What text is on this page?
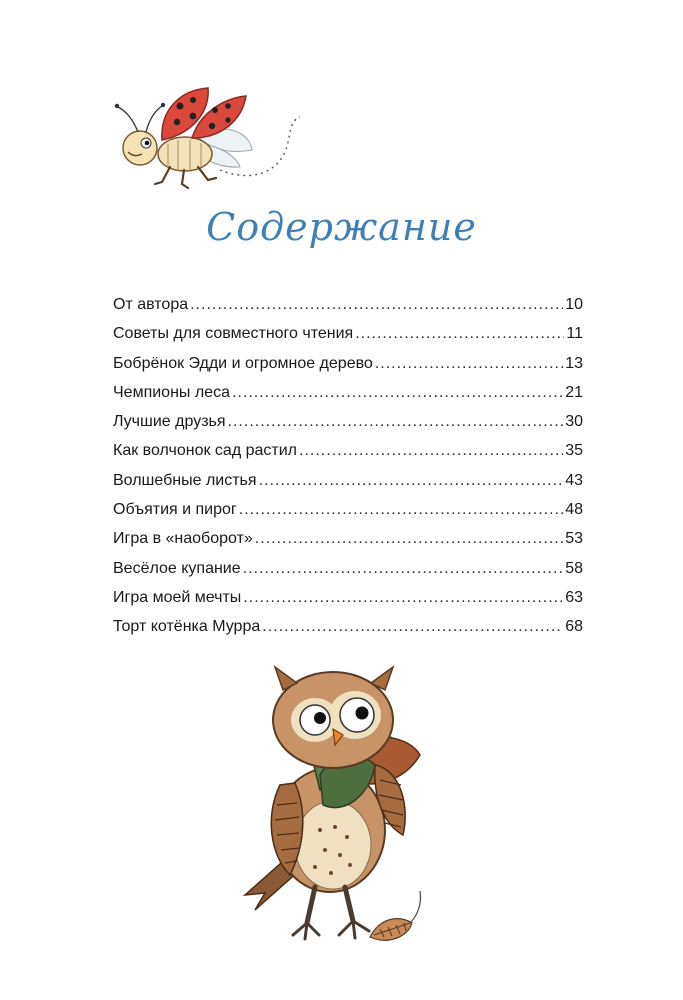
Содержание
От автора .....	10
Советы для совместного чтения .....	11
Бобрёнок Эдди и огромное дерево .....	13
Чемпионы леса .....	21
Лучшие друзья .....	30
Как волчонок сад растил .....	35
Волшебные листья .....	43
Объятия и пирог .....	48
Игра в «наоборот» .....	53
Весёлое купание .....	58
Игра моей мечты .....	63
Торт котёнка Мурра .....	68
